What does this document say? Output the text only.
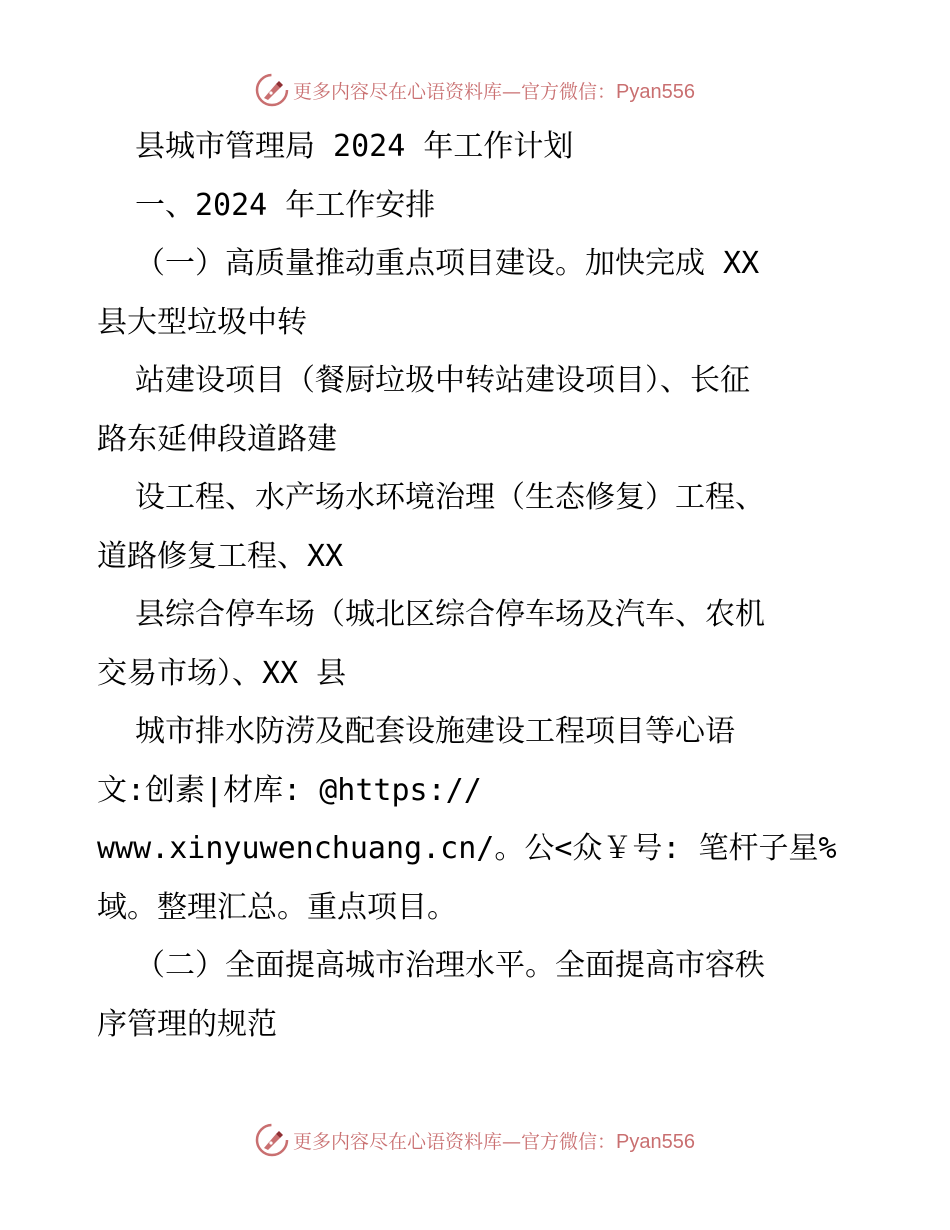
更多内容尽在心语资料库—官方微信：Pyan556
县城市管理局 2024 年工作计划
一、2024 年工作安排
（一）高质量推动重点项目建设。加快完成 XX
县大型垃圾中转
站建设项目（餐厨垃圾中转站建设项目）、长征
路东延伸段道路建
设工程、水产场水环境治理（生态修复）工程、
道路修复工程、XX
县综合停车场（城北区综合停车场及汽车、农机
交易市场）、XX 县
城市排水防涝及配套设施建设工程项目等心语
文:创素|材库: @https://
www.xinyuwenchuang.cn/。公<众￥号: 笔杆子星%
域。整理汇总。重点项目。
（二）全面提高城市治理水平。全面提高市容秩
序管理的规范
更多内容尽在心语资料库—官方微信：Pyan556
